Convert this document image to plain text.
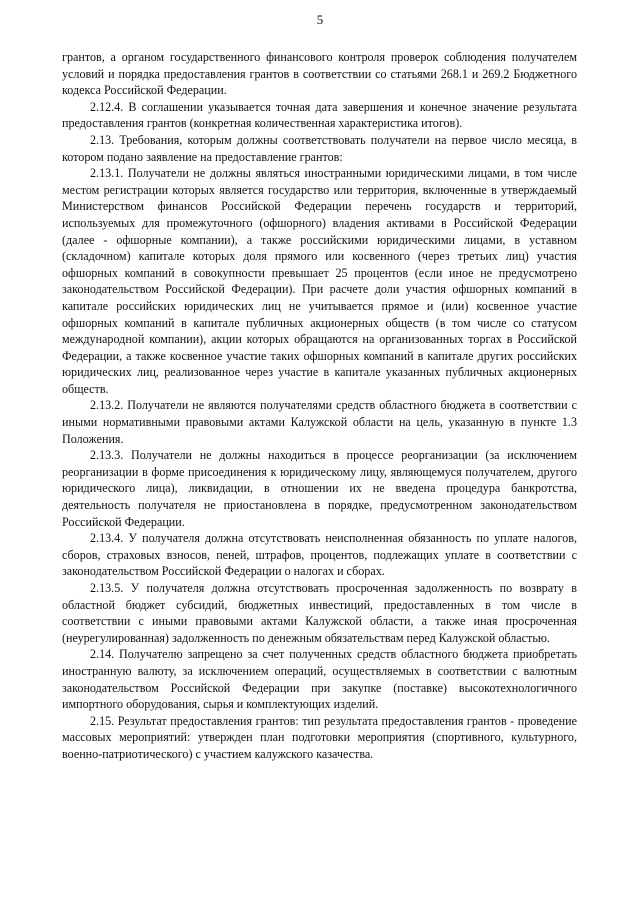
5

грантов, а органом государственного финансового контроля проверок соблюдения получателем условий и порядка предоставления грантов в соответствии со статьями 268.1 и 269.2 Бюджетного кодекса Российской Федерации.

2.12.4. В соглашении указывается точная дата завершения и конечное значение результата предоставления грантов (конкретная количественная характеристика итогов).

2.13. Требования, которым должны соответствовать получатели на первое число месяца, в котором подано заявление на предоставление грантов:

2.13.1. Получатели не должны являться иностранными юридическими лицами, в том числе местом регистрации которых является государство или территория, включенные в утверждаемый Министерством финансов Российской Федерации перечень государств и территорий, используемых для промежуточного (офшорного) владения активами в Российской Федерации (далее - офшорные компании), а также российскими юридическими лицами, в уставном (складочном) капитале которых доля прямого или косвенного (через третьих лиц) участия офшорных компаний в совокупности превышает 25 процентов (если иное не предусмотрено законодательством Российской Федерации). При расчете доли участия офшорных компаний в капитале российских юридических лиц не учитывается прямое и (или) косвенное участие офшорных компаний в капитале публичных акционерных обществ (в том числе со статусом международной компании), акции которых обращаются на организованных торгах в Российской Федерации, а также косвенное участие таких офшорных компаний в капитале других российских юридических лиц, реализованное через участие в капитале указанных публичных акционерных обществ.

2.13.2. Получатели не являются получателями средств областного бюджета в соответствии с иными нормативными правовыми актами Калужской области на цель, указанную в пункте 1.3 Положения.

2.13.3. Получатели не должны находиться в процессе реорганизации (за исключением реорганизации в форме присоединения к юридическому лицу, являющемуся получателем, другого юридического лица), ликвидации, в отношении их не введена процедура банкротства, деятельность получателя не приостановлена в порядке, предусмотренном законодательством Российской Федерации.

2.13.4. У получателя должна отсутствовать неисполненная обязанность по уплате налогов, сборов, страховых взносов, пеней, штрафов, процентов, подлежащих уплате в соответствии с законодательством Российской Федерации о налогах и сборах.

2.13.5. У получателя должна отсутствовать просроченная задолженность по возврату в областной бюджет субсидий, бюджетных инвестиций, предоставленных в том числе в соответствии с иными правовыми актами Калужской области, а также иная просроченная (неурегулированная) задолженность по денежным обязательствам перед Калужской областью.

2.14. Получателю запрещено за счет полученных средств областного бюджета приобретать иностранную валюту, за исключением операций, осуществляемых в соответствии с валютным законодательством Российской Федерации при закупке (поставке) высокотехнологичного импортного оборудования, сырья и комплектующих изделий.

2.15. Результат предоставления грантов: тип результата предоставления грантов - проведение массовых мероприятий: утвержден план подготовки мероприятия (спортивного, культурного, военно-патриотического) с участием калужского казачества.
